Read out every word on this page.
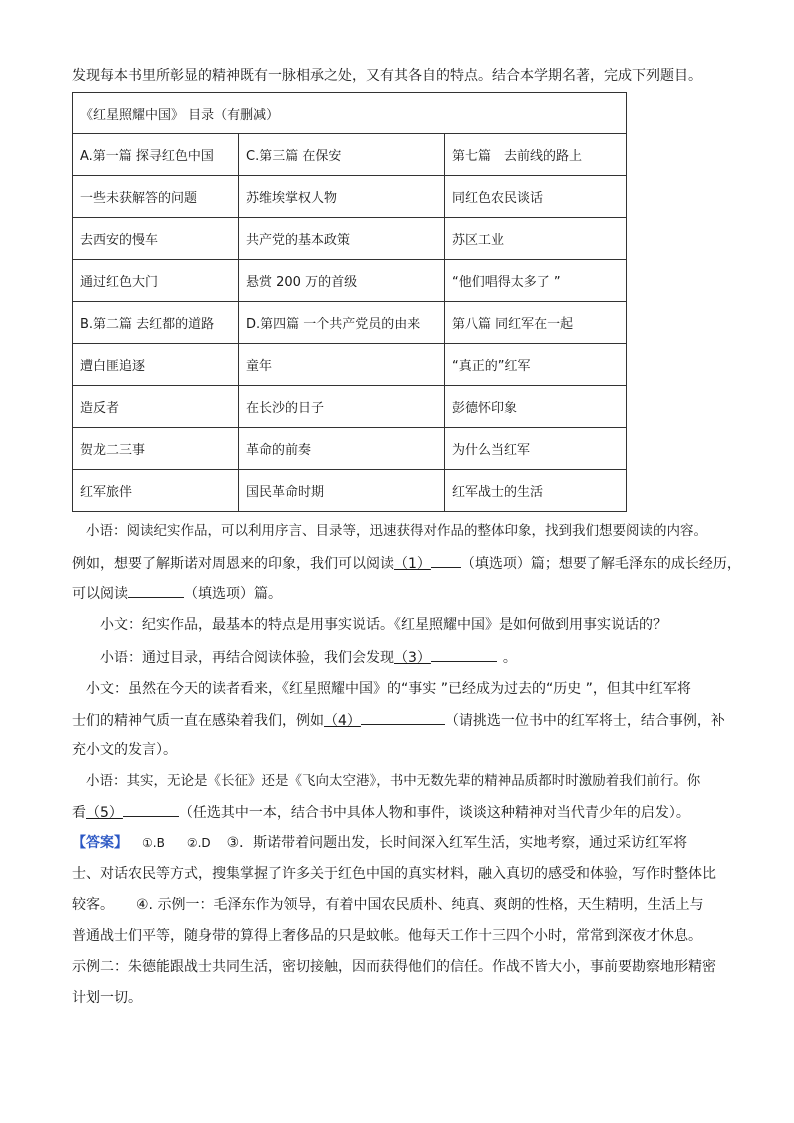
发现每本书里所彰显的精神既有一脉相承之处，又有其各自的特点。结合本学期名著，完成下列题目。
《红星照耀中国》 目录（有删减）		
A.第一篇 探寻红色中国	C.第三篇 在保安	第七篇　去前线的路上
一些未获解答的问题	苏维埃掌权人物	同红色农民谈话
去西安的慢车	共产党的基本政策	苏区工业
通过红色大门	悬赏 200 万的首级	“他们唱得太多了 ”
B.第二篇 去红都的道路	D.第四篇 一个共产党员的由来	第八篇 同红军在一起
遭白匪追逐	童年	“真正的”红军
造反者	在长沙的日子	彭德怀印象
贺龙二三事	革命的前奏	为什么当红军
红军旅伴	国民革命时期	红军战士的生活
小语：阅读纪实作品，可以利用序言、目录等，迅速获得对作品的整体印象，找到我们想要阅读的内容。
例如，想要了解斯诺对周恩来的印象，我们可以阅读（1） （填选项）篇；想要了解毛泽东的成长经历，
可以阅读	（填选项）篇。
小文：纪实作品，最基本的特点是用事实说话。《红星照耀中国》是如何做到用事实说话的？
小语：通过目录，再结合阅读体验，我们会发现（3）	。
小文：虽然在今天的读者看来，《红星照耀中国》的“事实 ”已经成为过去的“历史 ”，但其中红军将
士们的精神气质一直在感染着我们，例如（4）	（请挑选一位书中的红军将士，结合事例，补
充小文的发言）。
小语：其实，无论是《长征》还是《飞向太空港》，书中无数先辈的精神品质都时时激励着我们前行。你
看（5）	（任选其中一本，结合书中具体人物和事件，谈谈这种精神对当代青少年的启发）。
【答案】 ①.B ②.D ③．斯诺带着问题出发，长时间深入红军生活，实地考察，通过采访红军将
士、对话农民等方式，搜集掌握了许多关于红色中国的真实材料，融入真切的感受和体验，写作时整体比
较客。 ④. 示例一：毛泽东作为领导，有着中国农民质朴、纯真、爽朗的性格，天生精明，生活上与
普通战士们平等，随身带的算得上奢侈品的只是蚊帐。他每天工作十三四个小时，常常到深夜才休息。
示例二：朱德能跟战士共同生活，密切接触，因而获得他们的信任。作战不皆大小，事前要勘察地形精密
计划一切。
